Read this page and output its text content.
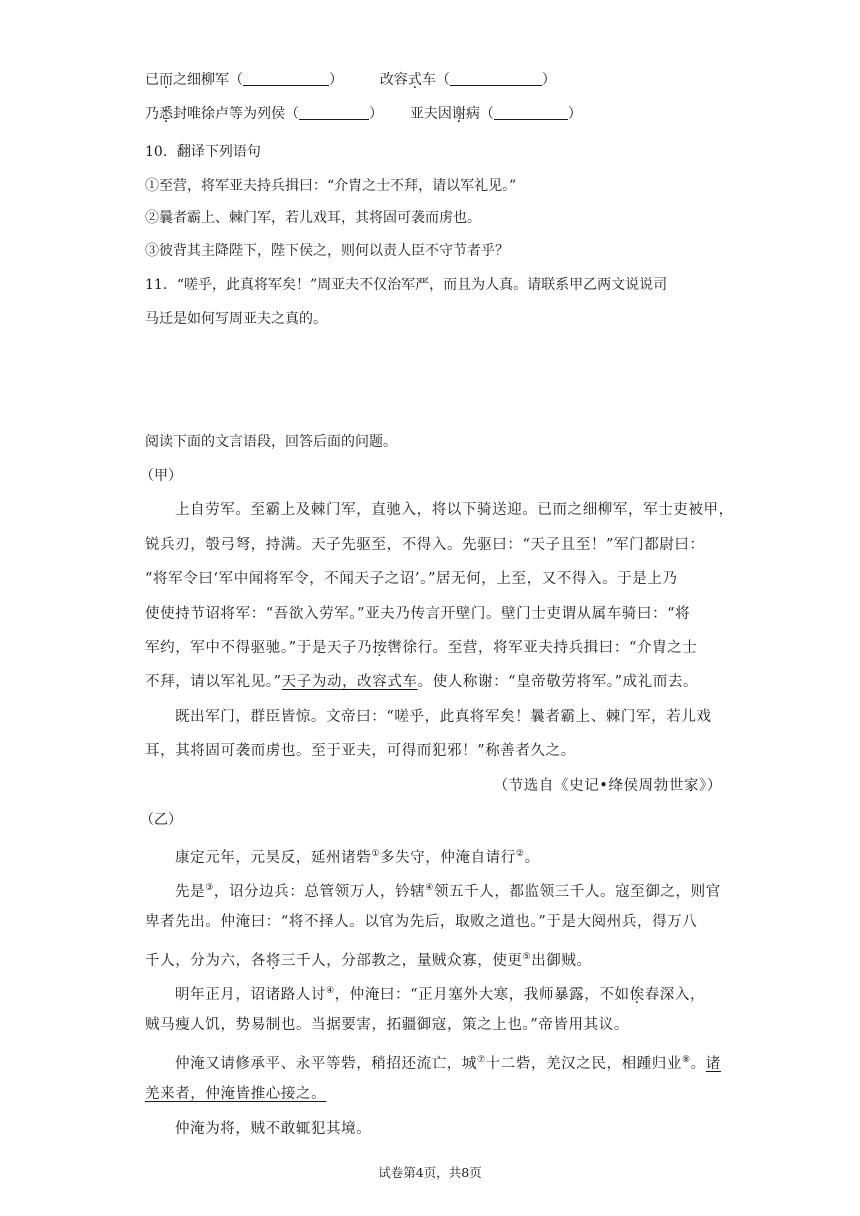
已而之细柳军（	）	改容式车（	）
乃悉封唯徐卢等为列侯（	） 亚夫因谢病（	）
10．翻译下列语句
①至营，将军亚夫持兵揖曰：“介胄之士不拜，请以军礼见。”
②曩者霸上、棘门军，若儿戏耳，其将固可袭而虏也。
③彼背其主降陛下，陛下侯之，则何以责人臣不守节者乎？
11．“嗟乎，此真将军矣！”周亚夫不仅治军严，而且为人真。请联系甲乙两文说说司
马迁是如何写周亚夫之真的。
阅读下面的文言语段，回答后面的问题。
（甲）
上自劳军。至霸上及棘门军，直驰入，将以下骑送迎。已而之细柳军，军士吏被甲，
锐兵刃，彀弓弩，持满。天子先驱至，不得入。先驱曰：“天子且至！”军门都尉曰：
“将军令曰‘军中闻将军令，不闻天子之诏’。”居无何，上至，又不得入。于是上乃
使使持节诏将军：“吾欲入劳军。”亚夫乃传言开壁门。壁门士吏谓从属车骑曰：“将
军约，军中不得驱驰。”于是天子乃按辔徐行。至营，将军亚夫持兵揖曰：“介胄之士
不拜，请以军礼见。”天子为动，改容式车。使人称谢：“皇帝敬劳将军。”成礼而去。
既出军门，群臣皆惊。文帝曰：“嗟乎，此真将军矣！曩者霸上、棘门军，若儿戏
耳，其将固可袭而虏也。至于亚夫，可得而犯邪！”称善者久之。
（节选自《史记•绛侯周勃世家》）
（乙）
康定元年，元昊反，延州诸砦①多失守，仲淹自请行②。
先是③，诏分边兵：总管领万人，钤辖④领五千人，都监领三千人。寇至御之，则官
卑者先出。仲淹曰：“将不择人。以官为先后，取败之道也。”于是大阅州兵，得万八
千人，分为六，各将三千人，分部教之，量贼众寡，使更⑤出御贼。
明年正月，诏诸路人讨④，仲淹曰：“正月塞外大寒，我师暴露，不如俟春深入，
贼马瘦人饥，势易制也。当据要害，拓疆御寇，策之上也。”帝皆用其议。
仲淹又请修承平、永平等砦，稍招还流亡，城⑦十二砦，羌汉之民，相踵归业⑧。诸
羌来者，仲淹皆推心接之。
仲淹为将，贼不敢辄犯其境。
试卷第4页，共8页
